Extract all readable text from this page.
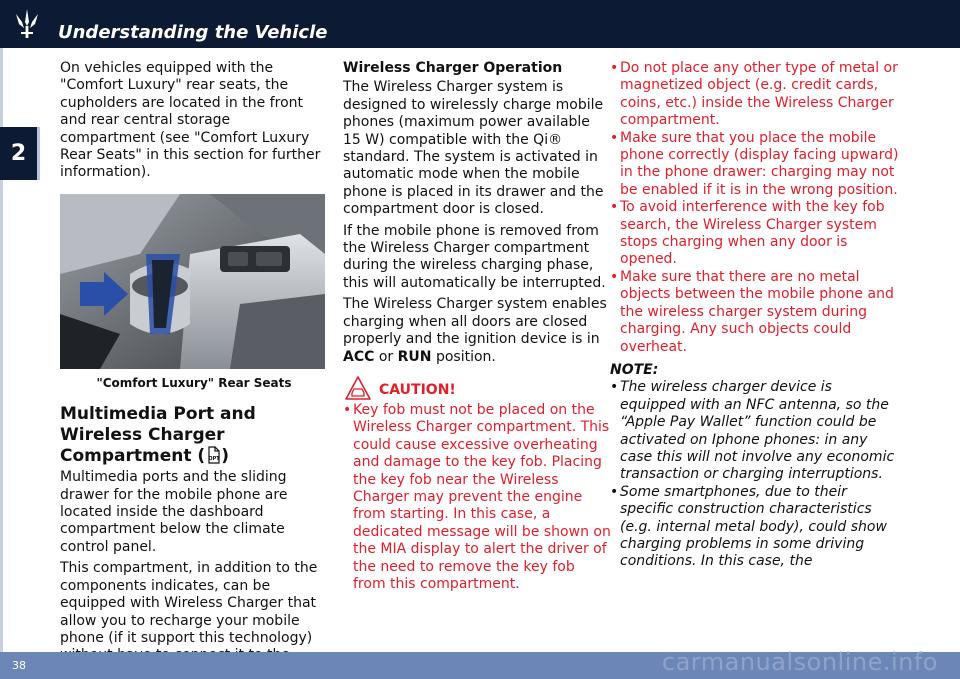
Understanding the Vehicle
2

On vehicles equipped with the "Comfort Luxury" rear seats, the cupholders are located in the front and rear central storage compartment (see "Comfort Luxury Rear Seats" in this section for further information).

"Comfort Luxury" Rear Seats
Multimedia Port and Wireless Charger Compartment ( OPT )

Multimedia ports and the sliding drawer for the mobile phone are located inside the dashboard compartment below the climate control panel.

This compartment, in addition to the components indicates, can be equipped with Wireless Charger that allow you to recharge your mobile phone (if it support this technology)

Wireless Charger Operation

The Wireless Charger system is designed to wirelessly charge mobile phones (maximum power available 15 W) compatible with the Qi® standard. The system is activated in automatic mode when the mobile phone is placed in its drawer and the compartment door is closed.

If the mobile phone is removed from the Wireless Charger compartment during the wireless charging phase, this will automatically be interrupted.

The Wireless Charger system enables charging when all doors are closed properly and the ignition device is in ACC or RUN position.

CAUTION!
• Key fob must not be placed on the Wireless Charger compartment. This could cause excessive overheating and damage to the key fob. Placing the key fob near the Wireless Charger may prevent the engine from starting. In this case, a dedicated message will be shown on the MIA display to alert the driver of the need to remove the key fob from this compartment.
• Do not place any other type of metal or magnetized object (e.g. credit cards, coins, etc.) inside the Wireless Charger compartment.
• Make sure that you place the mobile phone correctly (display facing upward) in the phone drawer: charging may not be enabled if it is in the wrong position.
• To avoid interference with the key fob search, the Wireless Charger system stops charging when any door is opened.
• Make sure that there are no metal objects between the mobile phone and the wireless charger system during charging. Any such objects could overheat.
NOTE:
• The wireless charger device is equipped with an NFC antenna, so the “Apple Pay Wallet” function could be activated on Iphone phones: in any case this will not involve any economic transaction or charging interruptions.
• Some smartphones, due to their specific construction characteristics (e.g. internal metal body), could show charging problems in some driving conditions. In this case, the
38	carmanualsonline.info
